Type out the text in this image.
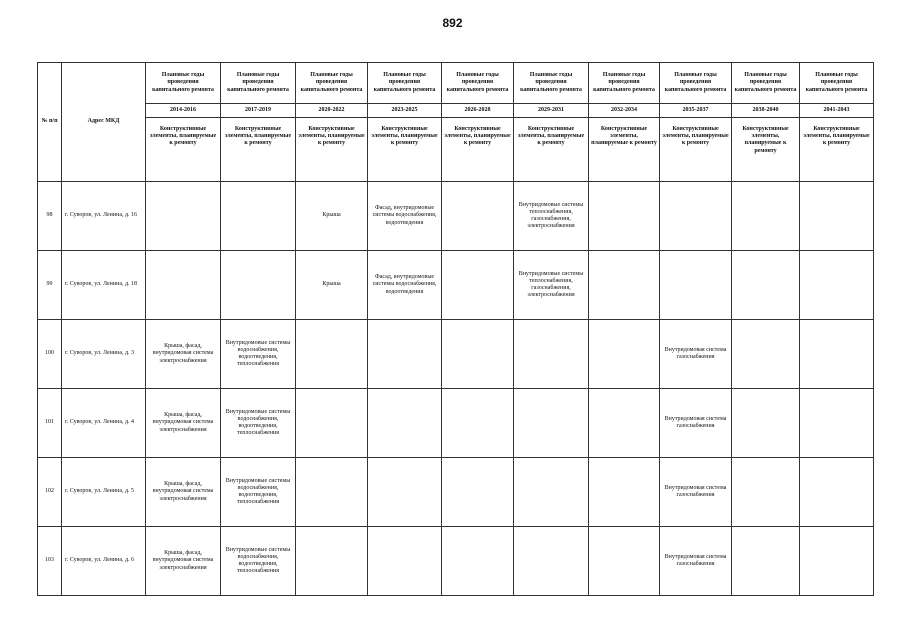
892
№ п/п	Адрес МКД	Плановые годы проведения капитального ремонта	Плановые годы проведения капитального ремонта	Плановые годы проведения капитального ремонта	Плановые годы проведения капитального ремонта	Плановые годы проведения капитального ремонта	Плановые годы проведения капитального ремонта	Плановые годы проведения капитального ремонта	Плановые годы проведения капитального ремонта	Плановые годы проведения капитального ремонта	Плановые годы проведения капитального ремонта
		2014-2016	2017-2019	2020-2022	2023-2025	2026-2028	2029-2031	2032-2034	2035-2037	2038-2040	2041-2043
		Конструктивные элементы, планируемые к ремонту	Конструктивные элементы, планируемые к ремонту	Конструктивные элементы, планируемые к ремонту	Конструктивные элементы, планируемые к ремонту	Конструктивные элементы, планируемые к ремонту	Конструктивные элементы, планируемые к ремонту	Конструктивные элементы, планируемые к ремонту	Конструктивные элементы, планируемые к ремонту	Конструктивные элементы, планируемые к ремонту	Конструктивные элементы, планируемые к ремонту
98	г. Суворов, ул. Ленина, д. 16			Крыша	Фасад, внутридомовые системы водоснабжения, водоотведения		Внутридомовые системы теплоснабжения, газоснабжения, электроснабжения				
99	г. Суворов, ул. Ленина, д. 18			Крыша	Фасад, внутридомовые системы водоснабжения, водоотведения		Внутридомовые системы теплоснабжения, газоснабжения, электроснабжения				
100	г. Суворов, ул. Ленина, д. 3	Крыша, фасад, внутридомовая система электроснабжения	Внутридомовые системы водоснабжения, водоотведения, теплоснабжения						Внутридомовая система газоснабжения		
101	г. Суворов, ул. Ленина, д. 4	Крыша, фасад, внутридомовая система электроснабжения	Внутридомовые системы водоснабжения, водоотведения, теплоснабжения						Внутридомовая система газоснабжения		
102	г. Суворов, ул. Ленина, д. 5	Крыша, фасад, внутридомовая система электроснабжения	Внутридомовые системы водоснабжения, водоотведения, теплоснабжения						Внутридомовая система газоснабжения		
103	г. Суворов, ул. Ленина, д. 6	Крыша, фасад, внутридомовая система электроснабжения	Внутридомовые системы водоснабжения, водоотведения, теплоснабжения						Внутридомовая система газоснабжения		
